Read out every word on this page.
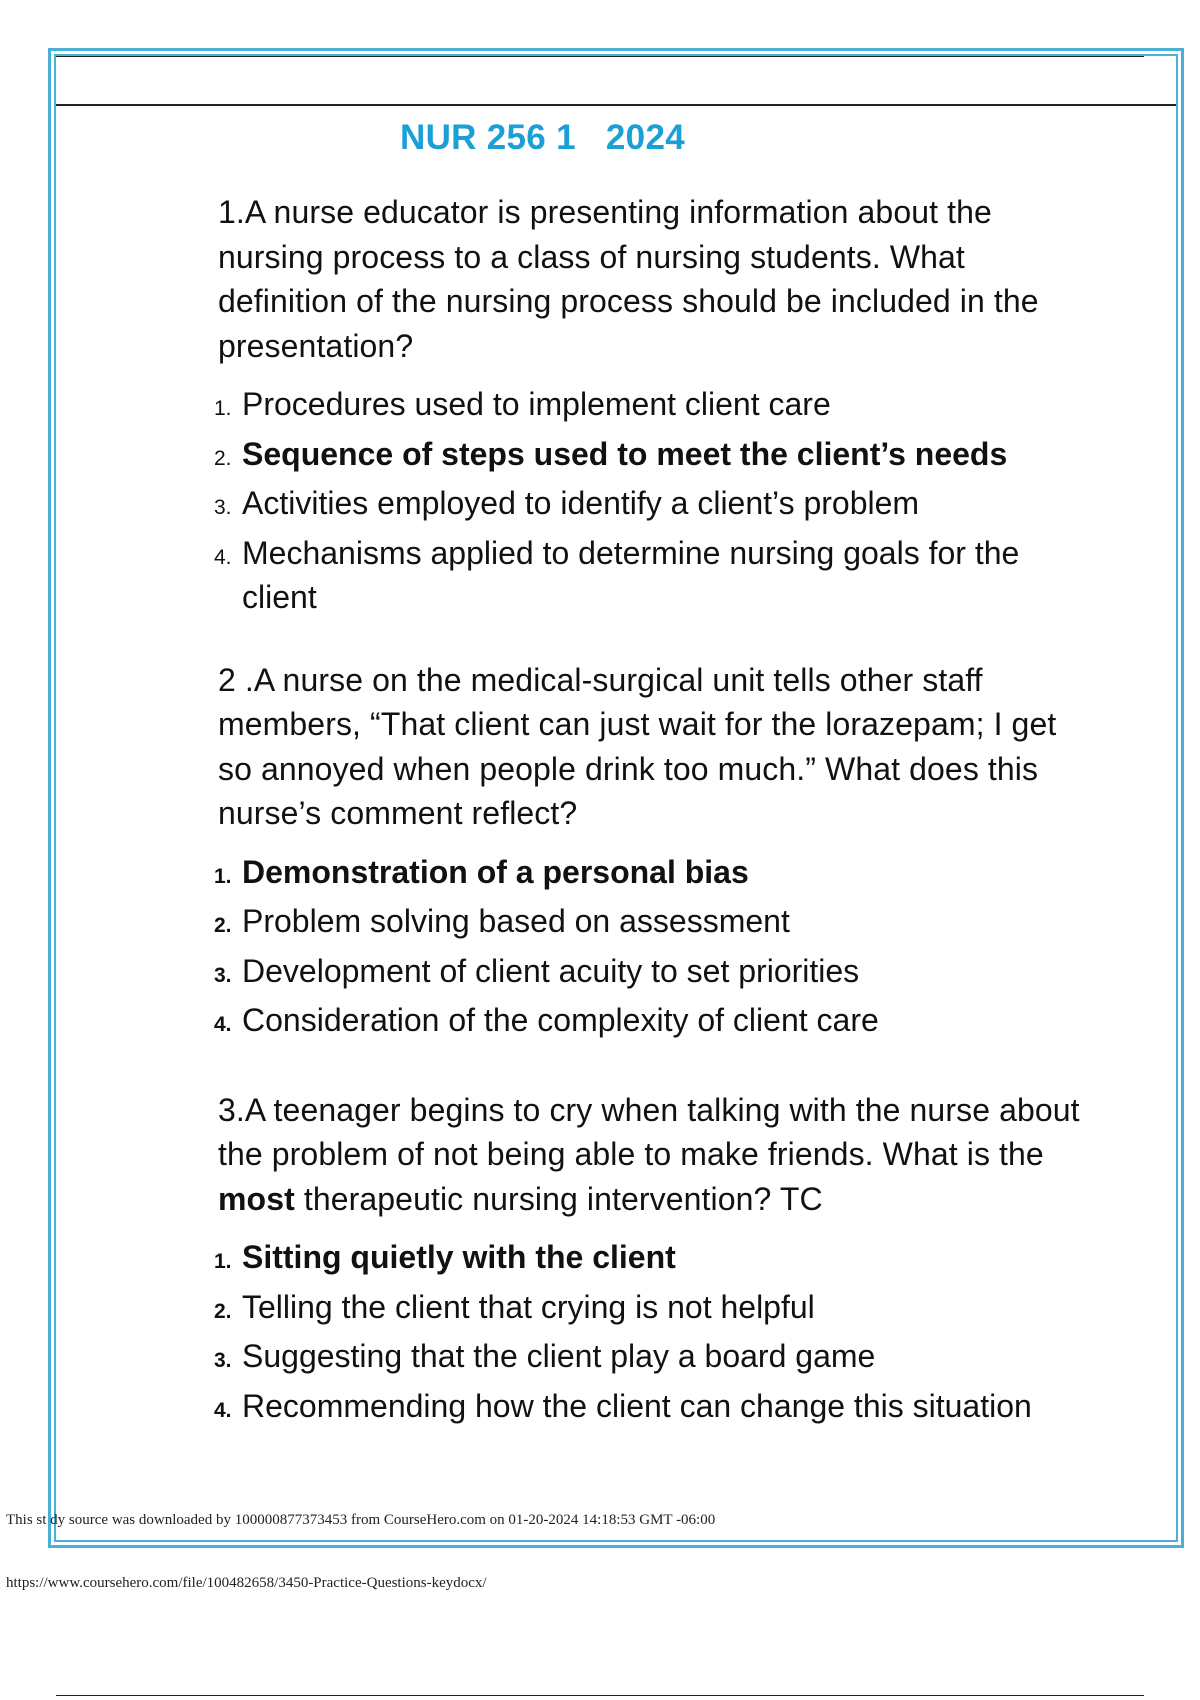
NUR 256 1   2024

1.A nurse educator is presenting information about the nursing process to a class of nursing students. What definition of the nursing process should be included in the presentation?

1. Procedures used to implement client care
2. Sequence of steps used to meet the client’s needs
3. Activities employed to identify a client’s problem
4. Mechanisms applied to determine nursing goals for the client

2 .A nurse on the medical-surgical unit tells other staff members, “That client can just wait for the lorazepam; I get so annoyed when people drink too much.” What does this nurse’s comment reflect?

1. Demonstration of a personal bias
2. Problem solving based on assessment
3. Development of client acuity to set priorities
4. Consideration of the complexity of client care

3.A teenager begins to cry when talking with the nurse about the problem of not being able to make friends. What is the most therapeutic nursing intervention? TC

1. Sitting quietly with the client
2. Telling the client that crying is not helpful
3. Suggesting that the client play a board game
4. Recommending how the client can change this situation
This st dy source was downloaded by 100000877373453 from CourseHero.com on 01-20-2024 14:18:53 GMT -06:00
https://www.coursehero.com/file/100482658/3450-Practice-Questions-keydocx/
